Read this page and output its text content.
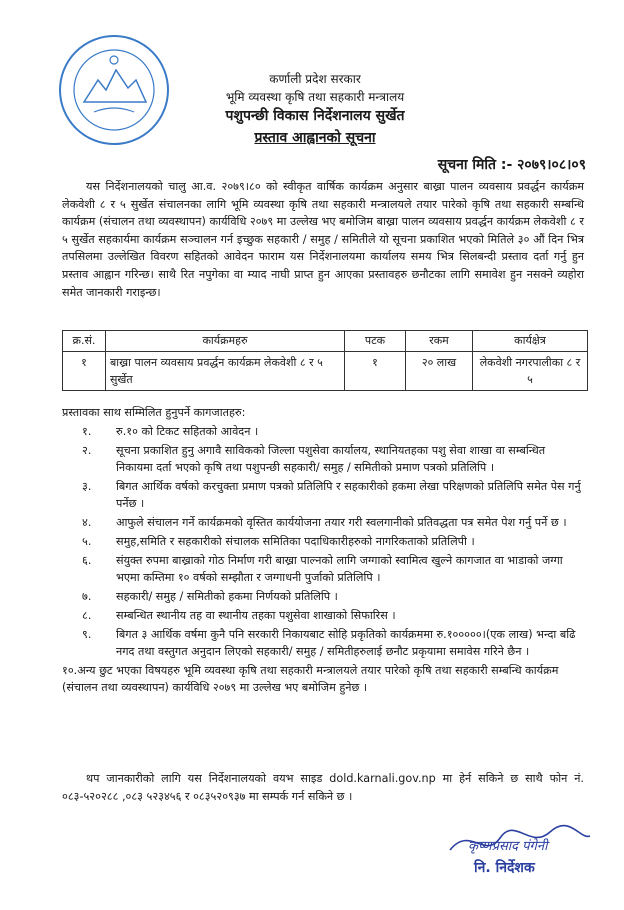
कर्णाली प्रदेश सरकार
भूमि व्यवस्था कृषि तथा सहकारी मन्त्रालय
पशुपन्छी विकास निर्देशनालय सुर्खेत
प्रस्ताव आह्वानको सूचना
सूचना मिति :- २०७९।०८।०९

यस निर्देशनालयको चालु आ.व. २०७९।८० को स्वीकृत वार्षिक कार्यक्रम अनुसार बाख्रा पालन व्यवसाय प्रवर्द्धन कार्यक्रम लेकवेशी ८ र ५ सुर्खेत संचालनका लागि भूमि व्यवस्था कृषि तथा सहकारी मन्त्रालयले तयार पारेको कृषि तथा सहकारी सम्बन्धि कार्यक्रम (संचालन तथा व्यवस्थापन) कार्यविधि २०७९ मा उल्लेख भए बमोजिम बाख्रा पालन व्यवसाय प्रवर्द्धन कार्यक्रम लेकवेशी ८ र ५ सुर्खेत सहकार्यमा कार्यक्रम सञ्चालन गर्न इच्छुक सहकारी / समुह / समितीले यो सूचना प्रकाशित भएको मितिले ३० औं दिन भित्र तपसिलमा उल्लेखित विवरण सहितको आवेदन फाराम यस निर्देशनालयमा कार्यालय समय भित्र सिलबन्दी प्रस्ताव दर्ता गर्नु हुन प्रस्ताव आह्वान गरिन्छ। साथै रित नपुगेका वा म्याद नाघी प्राप्त हुन आएका प्रस्तावहरु छनौटका लागि समावेश हुन नसक्ने व्यहोरा समेत जानकारी गराइन्छ।

क्र.सं.	कार्यक्रमहरु	पटक	रकम	कार्यक्षेत्र
१	बाख्रा पालन व्यवसाय प्रवर्द्धन कार्यक्रम लेकवेशी ८ र ५ सुर्खेत	१	२० लाख	लेकवेशी नगरपालीका ८ र ५
प्रस्तावका साथ सम्मिलित हुनुपर्ने कागजातहरु:
१. रु.१० को टिकट सहितको आवेदन ।
२. सूचना प्रकाशित हुनु अगावै साविकको जिल्ला पशुसेवा कार्यालय, स्थानियतहका पशु सेवा शाखा वा सम्बन्धित निकायमा दर्ता भएको कृषि तथा पशुपन्छी सहकारी/ समुह / समितीको प्रमाण पत्रको प्रतिलिपि ।
३. बिगत आर्थिक वर्षको करचुक्ता प्रमाण पत्रको प्रतिलिपि र सहकारीको हकमा लेखा परिक्षणको प्रतिलिपि समेत पेस गर्नु पर्नेछ ।
४. आफुले संचालन गर्ने कार्यक्रमको वृस्तित कार्ययोजना तयार गरी स्वलगानीको प्रतिवद्धता पत्र समेत पेश गर्नु पर्ने छ ।
५. समुह,समिति र सहकारीको संचालक समितिका पदाधिकारीहरुको नागरिकताको प्रतिलिपी ।
६. संयुक्त रुपमा बाख्राको गोठ निर्माण गरी बाख्रा पाल्नको लागि जग्गाको स्वामित्व खुल्ने कागजात वा भाडाको जग्गा भएमा कम्तिमा १० वर्षको सम्झौता र जग्गाधनी पुर्जाको प्रतिलिपि ।
७. सहकारी/ समुह / समितीको हकमा निर्णयको प्रतिलिपि ।
८. सम्बन्धित स्थानीय तह वा स्थानीय तहका पशुसेवा शाखाको सिफारिस ।
९. बिगत ३ आर्थिक वर्षमा कुनै पनि सरकारी निकायबाट सोहि प्रकृतिको कार्यक्रममा रु.१०००००।(एक लाख) भन्दा बढि नगद तथा वस्तुगत अनुदान लिएको सहकारी/ समुह / समितीहरुलाई छनौट प्रकृयामा समावेस गरिने छैन ।
१०.अन्य छुट भएका विषयहरु भूमि व्यवस्था कृषि तथा सहकारी मन्त्रालयले तयार पारेको कृषि तथा सहकारी सम्बन्धि कार्यक्रम (संचालन तथा व्यवस्थापन) कार्यविधि २०७९ मा उल्लेख भए बमोजिम हुनेछ ।

थप जानकारीको लागि यस निर्देशनालयको वयभ साइड dold.karnali.gov.np मा हेर्न सकिने छ साथै फोन नं. ०८३-५२०२८८ ,०८३ ५२३४५६ र ०८३५२०९३७ मा सम्पर्क गर्न सकिने छ ।

कृष्णप्रसाद पंगेनी
नि. निर्देशक
